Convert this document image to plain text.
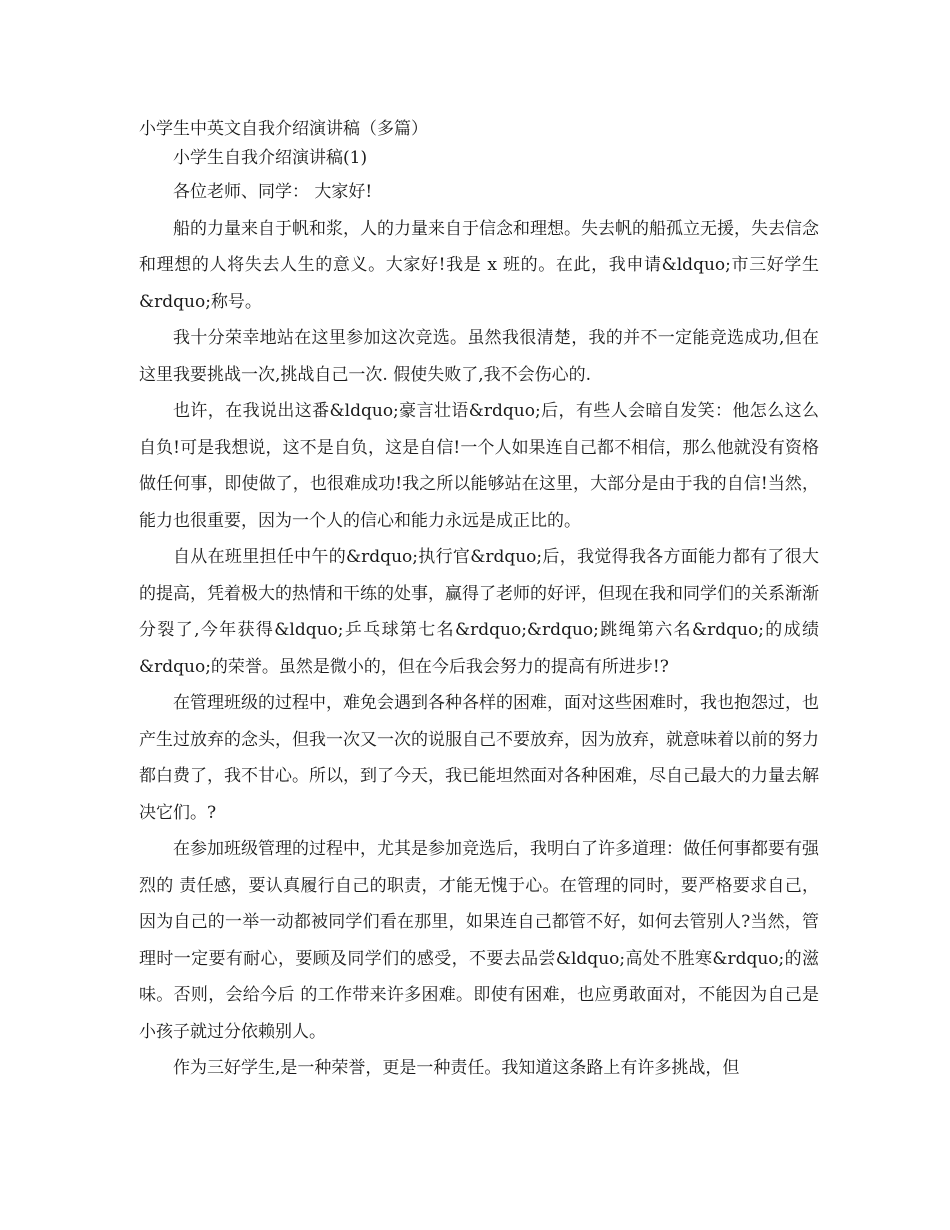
小学生中英文自我介绍演讲稿（多篇）
小学生自我介绍演讲稿(1)

各位老师、同学： 大家好!

船的力量来自于帆和浆，人的力量来自于信念和理想。失去帆的船孤立无援，失去信念和理想的人将失去人生的意义。大家好!我是 x 班的。在此，我申请&ldquo;市三好学生&rdquo;称号。

我十分荣幸地站在这里参加这次竞选。虽然我很清楚，我的并不一定能竞选成功,但在这里我要挑战一次,挑战自己一次. 假使失败了,我不会伤心的.

也许，在我说出这番&ldquo;豪言壮语&rdquo;后，有些人会暗自发笑：他怎么这么自负!可是我想说，这不是自负，这是自信!一个人如果连自己都不相信，那么他就没有资格做任何事，即使做了，也很难成功!我之所以能够站在这里，大部分是由于我的自信!当然，能力也很重要，因为一个人的信心和能力永远是成正比的。

自从在班里担任中午的&rdquo;执行官&rdquo;后，我觉得我各方面能力都有了很大的提高，凭着极大的热情和干练的处事，赢得了老师的好评，但现在我和同学们的关系渐渐分裂了,今年获得&ldquo;乒乓球第七名&rdquo;&rdquo;跳绳第六名&rdquo;的成绩&rdquo;的荣誉。虽然是微小的，但在今后我会努力的提高有所进步!?

在管理班级的过程中，难免会遇到各种各样的困难，面对这些困难时，我也抱怨过，也产生过放弃的念头，但我一次又一次的说服自己不要放弃，因为放弃，就意味着以前的努力都白费了，我不甘心。所以，到了今天，我已能坦然面对各种困难，尽自己最大的力量去解决它们。?

在参加班级管理的过程中，尤其是参加竞选后，我明白了许多道理：做任何事都要有强烈的 责任感，要认真履行自己的职责，才能无愧于心。在管理的同时，要严格要求自己，因为自己的一举一动都被同学们看在那里，如果连自己都管不好，如何去管别人?当然，管理时一定要有耐心，要顾及同学们的感受，不要去品尝&ldquo;高处不胜寒&rdquo;的滋味。否则，会给今后 的工作带来许多困难。即使有困难，也应勇敢面对，不能因为自己是小孩子就过分依赖别人。

作为三好学生,是一种荣誉，更是一种责任。我知道这条路上有许多挑战，但
